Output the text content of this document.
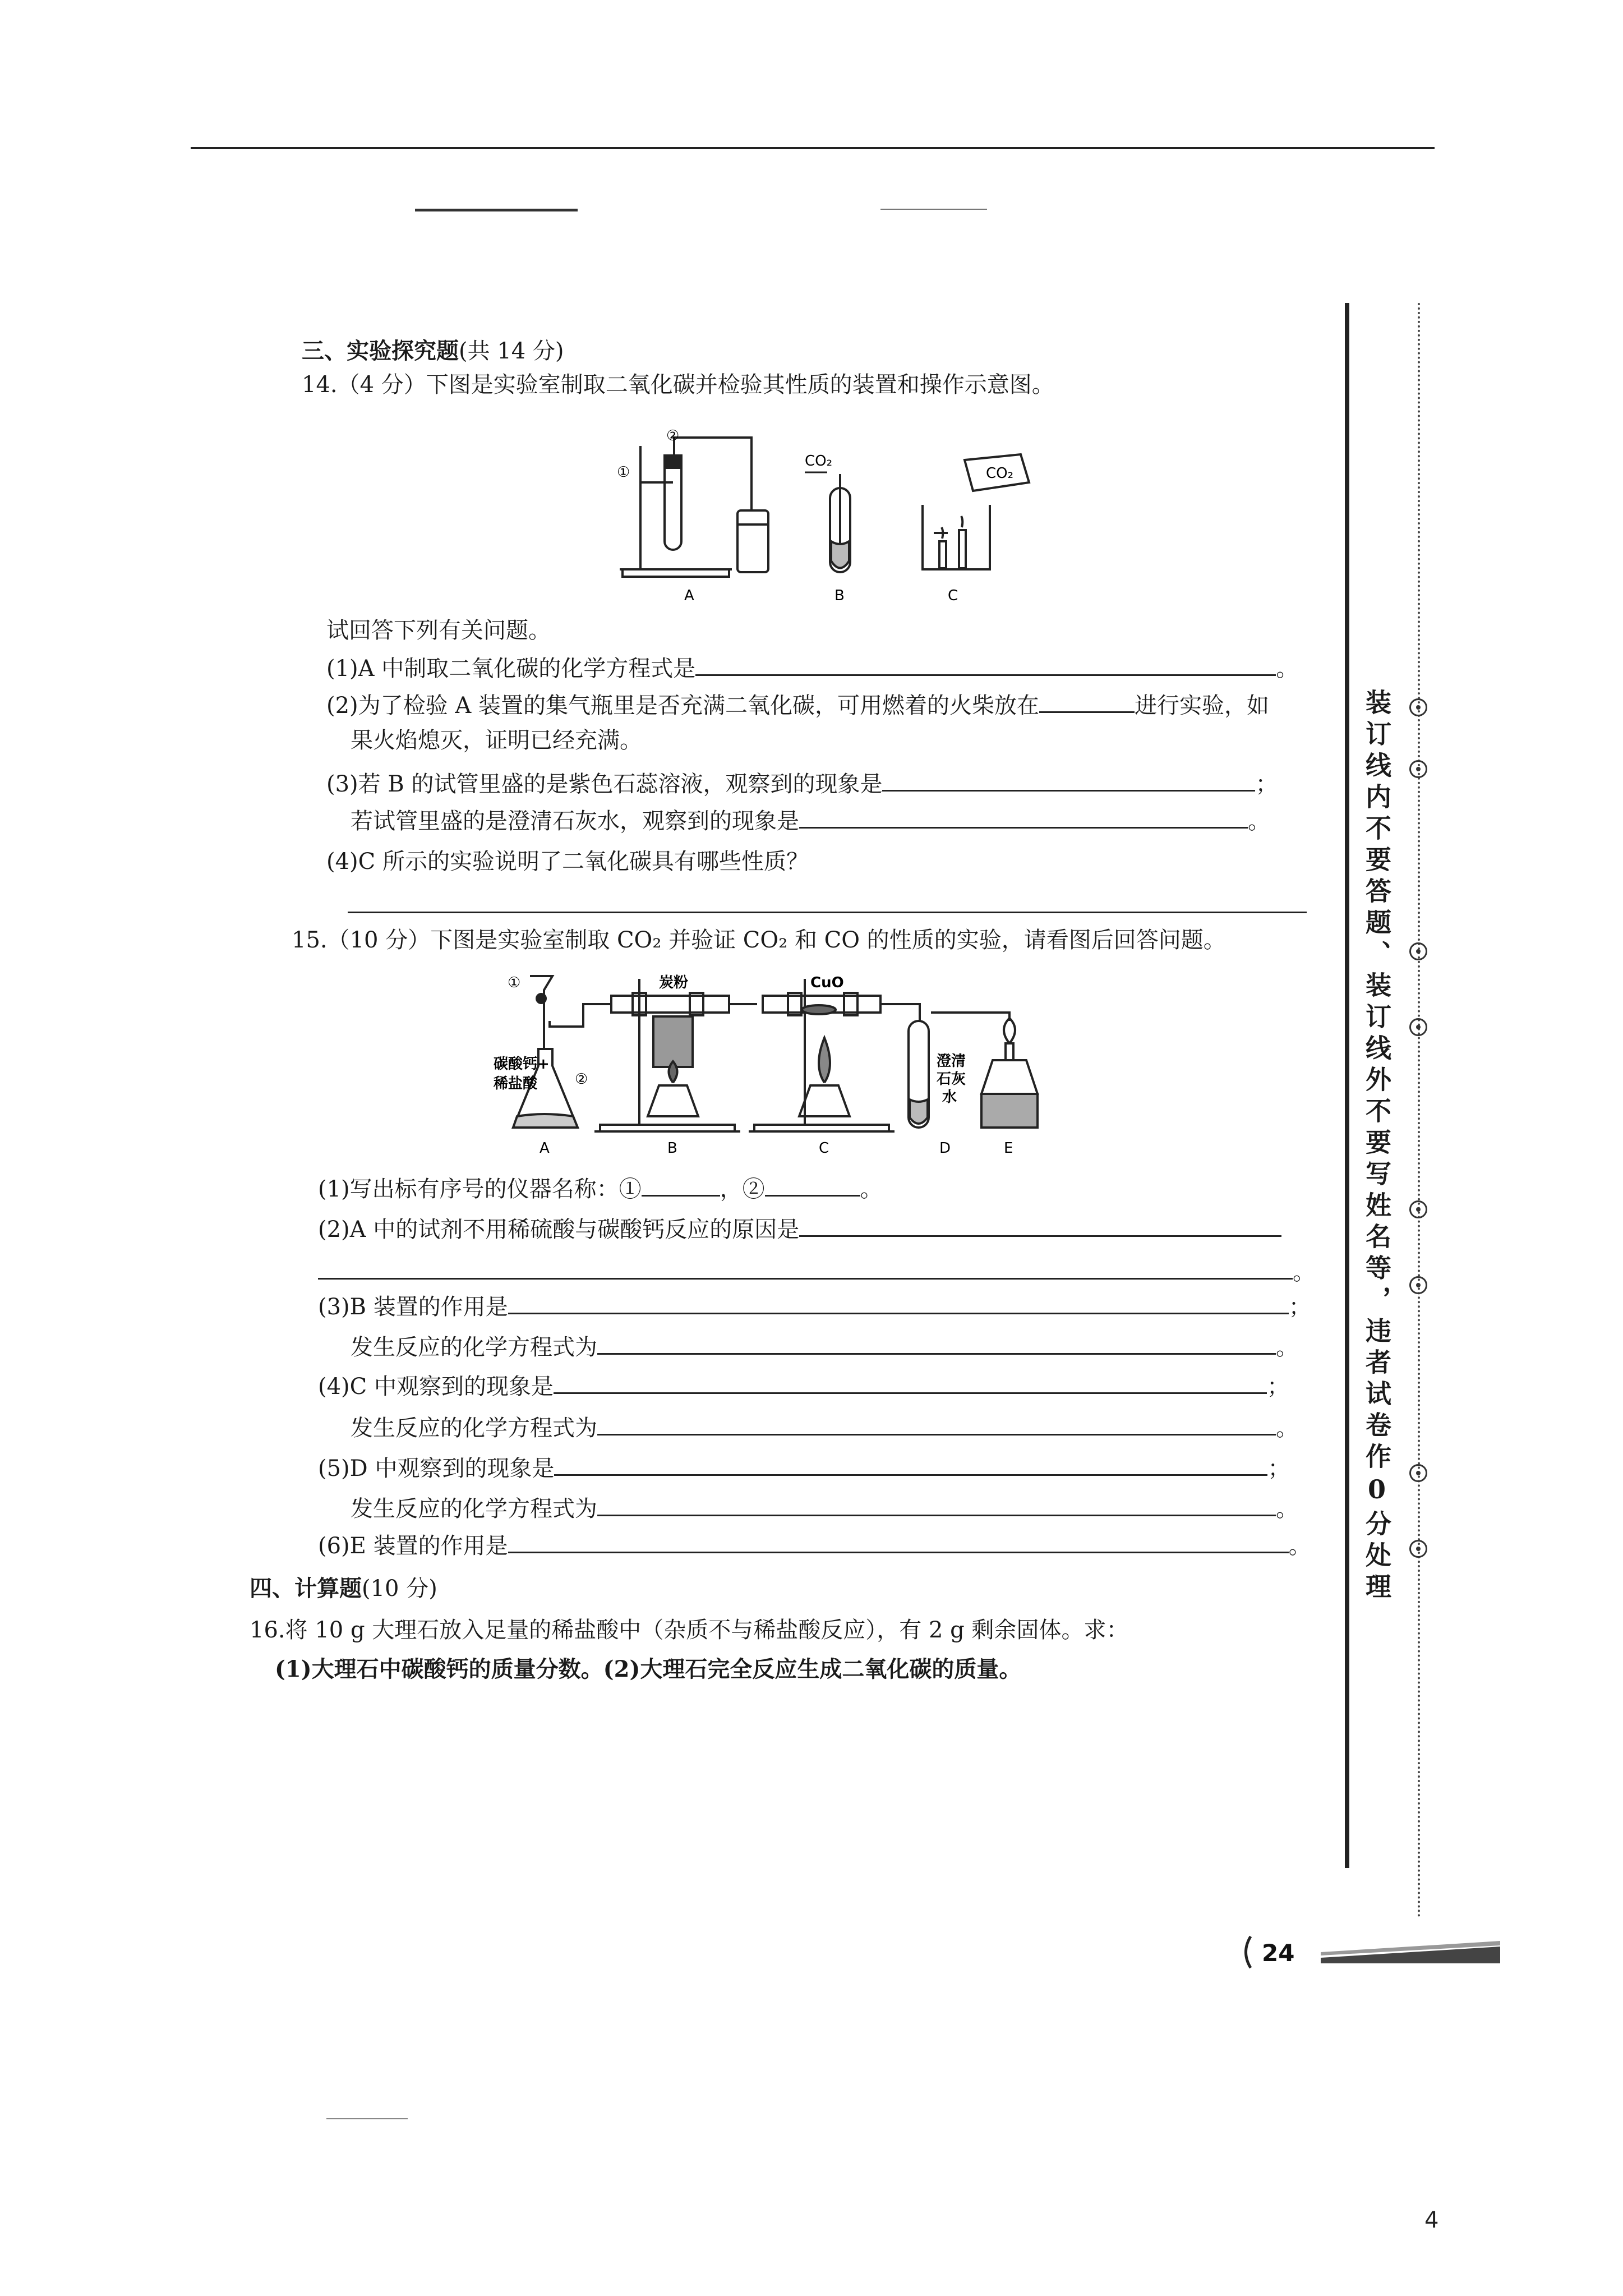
三、实验探究题(共 14 分)
14.（4 分）下图是实验室制取二氧化碳并检验其性质的装置和操作示意图。
①
②
A
CO₂
B
CO₂
C
试回答下列有关问题。
(1)A 中制取二氧化碳的化学方程式是	。
(2)为了检验 A 装置的集气瓶里是否充满二氧化碳，可用燃着的火柴放在	进行实验，如
果火焰熄灭，证明已经充满。
(3)若 B 的试管里盛的是紫色石蕊溶液，观察到的现象是	；
若试管里盛的是澄清石灰水，观察到的现象是	。
(4)C 所示的实验说明了二氧化碳具有哪些性质？
15.（10 分）下图是实验室制取 CO₂ 并验证 CO₂ 和 CO 的性质的实验，请看图后回答问题。
①
碳酸钙+
稀盐酸
A
②
炭粉
B
CuO
C
澄清
石灰
水
D	E
(1)写出标有序号的仪器名称：①	，②	。
(2)A 中的试剂不用稀硫酸与碳酸钙反应的原因是
。
(3)B 装置的作用是	；
发生反应的化学方程式为	。
(4)C 中观察到的现象是	；
发生反应的化学方程式为	。
(5)D 中观察到的现象是	；
发生反应的化学方程式为	。
(6)E 装置的作用是	。
四、计算题(10 分)
16.将 10 g 大理石放入足量的稀盐酸中（杂质不与稀盐酸反应），有 2 g 剩余固体。求：
(1)大理石中碳酸钙的质量分数。(2)大理石完全反应生成二氧化碳的质量。
装订线内不要答题、装订线外不要写姓名等，违者试卷作0分处理
24
4
